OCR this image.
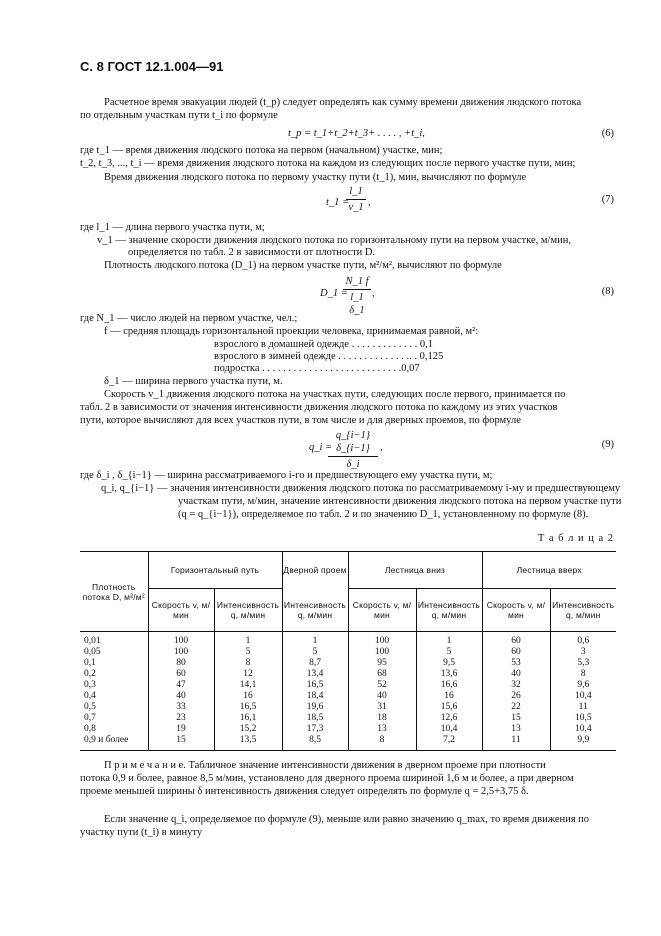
С. 8 ГОСТ 12.1.004—91
Расчетное время эвакуации людей (t_p) следует определять как сумму времени движения людского потока
по отдельным участкам пути t_i по формуле
t_p = t_1+t_2+t_3+ . . . . , +t_i,	(6)
где t_1 — время движения людского потока на первом (начальном) участке, мин;
t_2, t_3, ..., t_i — время движения людского потока на каждом из следующих после первого участке пути, мин;
Время движения людского потока по первому участку пути (t_1), мин, вычисляют по формуле
t_1 =
l_1
v_1 ,	(7)
где l_1 — длина первого участка пути, м;
v_1 — значение скорости движения людского потока по горизонтальному пути на первом участке, м/мин,
определяется по табл. 2 в зависимости от плотности D.
Плотность людского потока (D_1) на первом участке пути, м²/м², вычисляют по формуле
D_1 =
N_1 f
l_1 δ_1
,	(8)
где N_1 — число людей на первом участке, чел.;
f — средняя площадь горизонтальной проекции человека, принимаемая равной, м²:
взрослого в домашней одежде . . . . . . . . . . . . . 0,1
взрослого в зимней одежде . . . . . . . . . . . . . .. . 0,125
подростка . . . . . . . . . . . . . . . . . . . . . . . . . . .0,07
δ_1 — ширина первого участка пути, м.
Скорость v_1 движения людского потока на участках пути, следующих после первого, принимается по
табл. 2 в зависимости от значения интенсивности движения людского потока по каждому из этих участков
пути, которое вычисляют для всех участков пути, в том числе и для дверных проемов, по формуле
q_i =
q_{i−1} δ_{i−1}
δ_i
,	(9)
где δ_i , δ_{i−1} — ширина рассматриваемого i-го и предшествующего ему участка пути, м;
q_i, q_{i−1} — значения интенсивности движения людского потока по рассматриваемому i-му и предшествующему
участкам пути, м/мин, значение интенсивности движения людского потока на первом участке пути
(q = q_{i−1}), определяемое по табл. 2 и по значению D_1, установленному по формуле (8).
Т а б л и ц а 2
Плотность потока D, м²/м²	Горизонтальный путь		Дверной проем	Лестница вниз		Лестница вверх	
	Скорость v, м/мин	Интенсивность q, м/мин	Интенсивность q, м/мин	Скорость v, м/мин	Интенсивность q, м/мин	Скорость v, м/мин	Интенсивность q, м/мин
0,01	100	1	1	100	1	60	0,6
0,05	100	5	5	100	5	60	3
0,1	80	8	8,7	95	9,5	53	5,3
0,2	60	12	13,4	68	13,6	40	8
0,3	47	14,1	16,5	52	16,6	32	9,6
0,4	40	16	18,4	40	16	26	10,4
0,5	33	16,5	19,6	31	15,6	22	11
0,7	23	16,1	18,5	18	12,6	15	10,5
0,8	19	15,2	17,3	13	10,4	13	10,4
0,9 и более	15	13,5	8,5	8	7,2	11	9,9
П р и м е ч а н и е. Табличное значение интенсивности движения в дверном проеме при плотности
потока 0,9 и более, равное 8,5 м/мин, установлено для дверного проема шириной 1,6 м и более, а при дверном
проеме меньшей ширины δ интенсивность движения следует определять по формуле q = 2,5+3,75 δ.
Если значение q_i, определяемое по формуле (9), меньше или равно значению q_max, то время движения по
участку пути (t_i) в минуту
